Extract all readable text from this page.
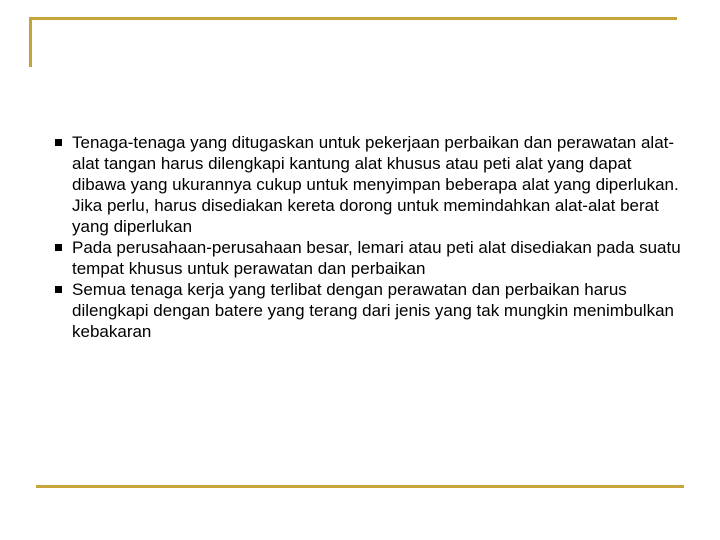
Tenaga-tenaga yang ditugaskan untuk pekerjaan perbaikan dan perawatan alat-alat tangan harus dilengkapi kantung alat khusus atau peti alat yang dapat dibawa yang ukurannya cukup untuk menyimpan beberapa alat yang diperlukan. Jika perlu, harus disediakan kereta dorong untuk memindahkan alat-alat berat yang diperlukan
Pada perusahaan-perusahaan besar, lemari atau peti alat disediakan pada suatu tempat khusus untuk perawatan dan perbaikan
Semua tenaga kerja yang terlibat dengan perawatan dan perbaikan harus dilengkapi dengan batere yang terang dari jenis yang tak mungkin menimbulkan kebakaran
